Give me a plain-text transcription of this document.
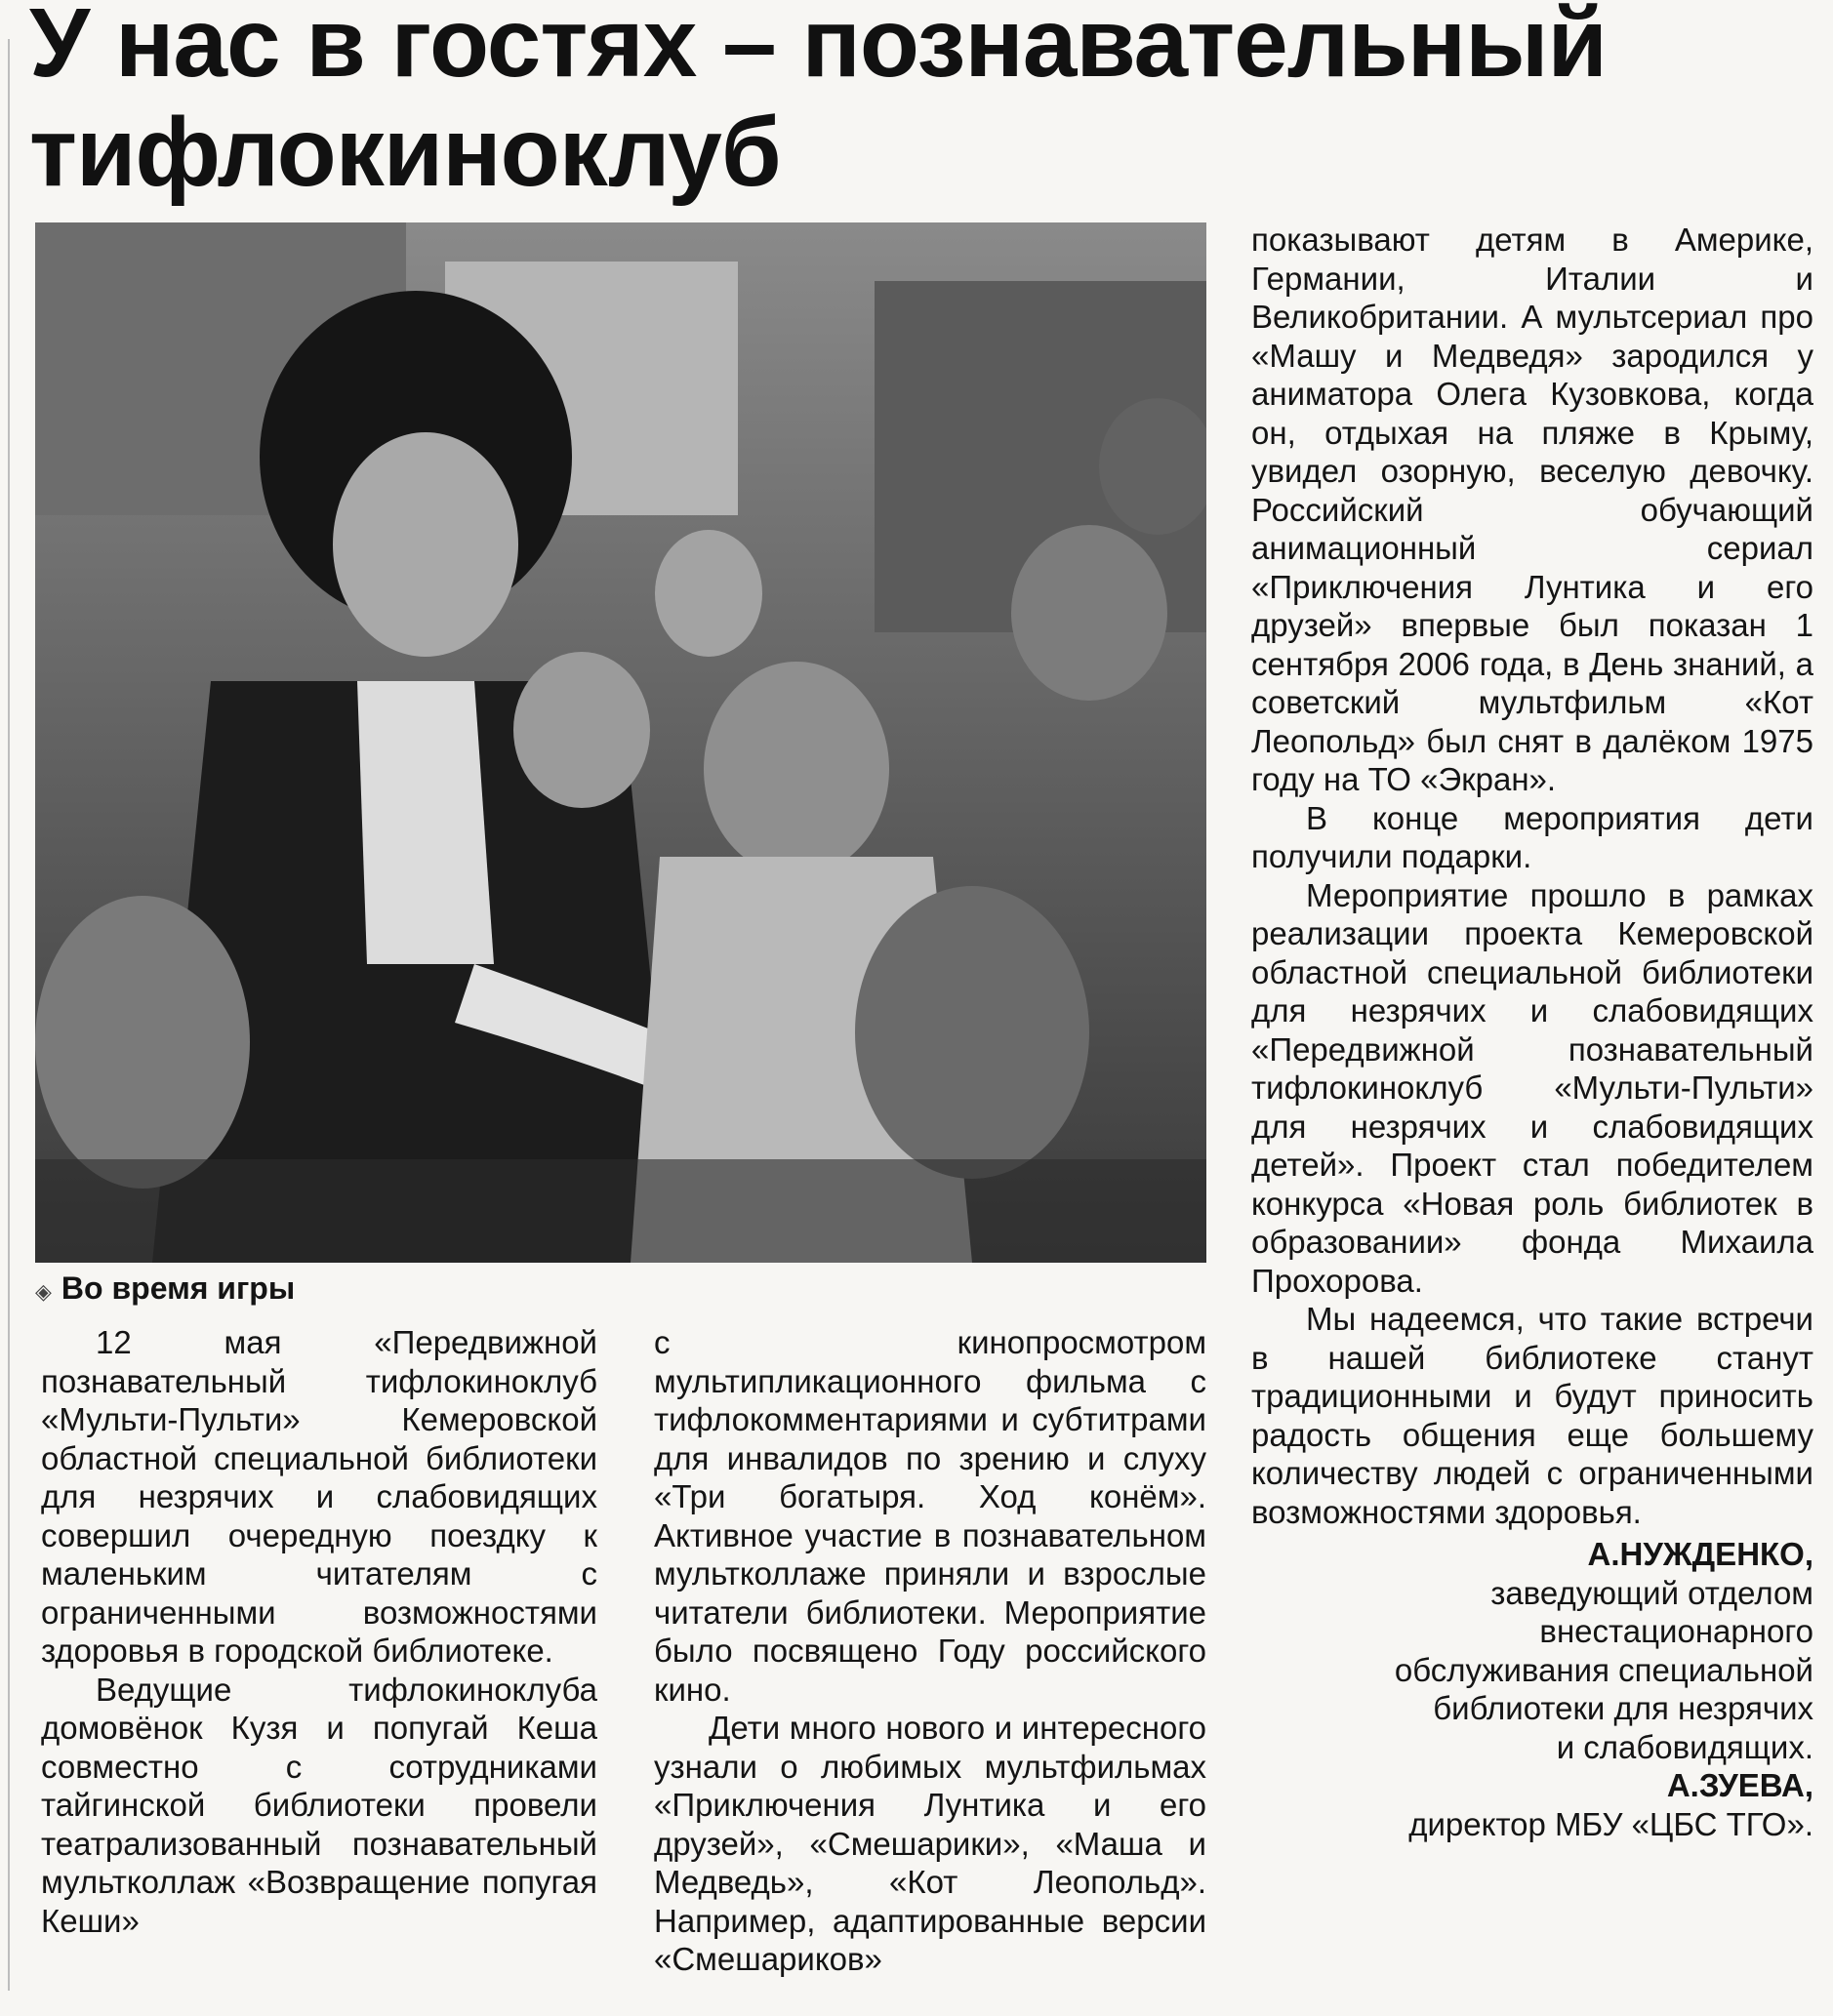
У нас в гостях – познавательный тифлокиноклуб
◈ Во время игры

12 мая «Передвижной познавательный тифлокиноклуб «Мульти-Пульти» Кемеровской областной специальной библиотеки для незрячих и слабовидящих совершил очередную поездку к маленьким читателям с ограниченными возможностями здоровья в городской библиотеке.

Ведущие тифлокиноклуба домовёнок Кузя и попугай Кеша совместно с сотрудниками тайгинской библиотеки провели театрализованный познавательный мультколлаж «Возвращение попугая Кеши»

с кинопросмотром мультипликационного фильма с тифлокомментариями и субтитрами для инвалидов по зрению и слуху «Три богатыря. Ход конём». Активное участие в познавательном мультколлаже приняли и взрослые читатели библиотеки. Мероприятие было посвящено Году российского кино.

Дети много нового и интересного узнали о любимых мультфильмах «Приключения Лунтика и его друзей», «Смешарики», «Маша и Медведь», «Кот Леопольд». Например, адаптированные версии «Смешариков»

показывают детям в Америке, Германии, Италии и Великобритании. А мультсериал про «Машу и Медведя» зародился у аниматора Олега Кузовкова, когда он, отдыхая на пляже в Крыму, увидел озорную, веселую девочку. Российский обучающий анимационный сериал «Приключения Лунтика и его друзей» впервые был показан 1 сентября 2006 года, в День знаний, а советский мультфильм «Кот Леопольд» был снят в далёком 1975 году на ТО «Экран».

В конце мероприятия дети получили подарки.

Мероприятие прошло в рамках реализации проекта Кемеровской областной специальной библиотеки для незрячих и слабовидящих «Передвижной познавательный тифлокиноклуб «Мульти-Пульти» для незрячих и слабовидящих детей». Проект стал победителем конкурса «Новая роль библиотек в образовании» фонда Михаила Прохорова.

Мы надеемся, что такие встречи в нашей библиотеке станут традиционными и будут приносить радость общения еще большему количеству людей с ограниченными возможностями здоровья.

А.НУЖДЕНКО,
заведующий отделом
внестационарного
обслуживания специальной
библиотеки для незрячих
и слабовидящих.
А.ЗУЕВА,
директор МБУ «ЦБС ТГО».
